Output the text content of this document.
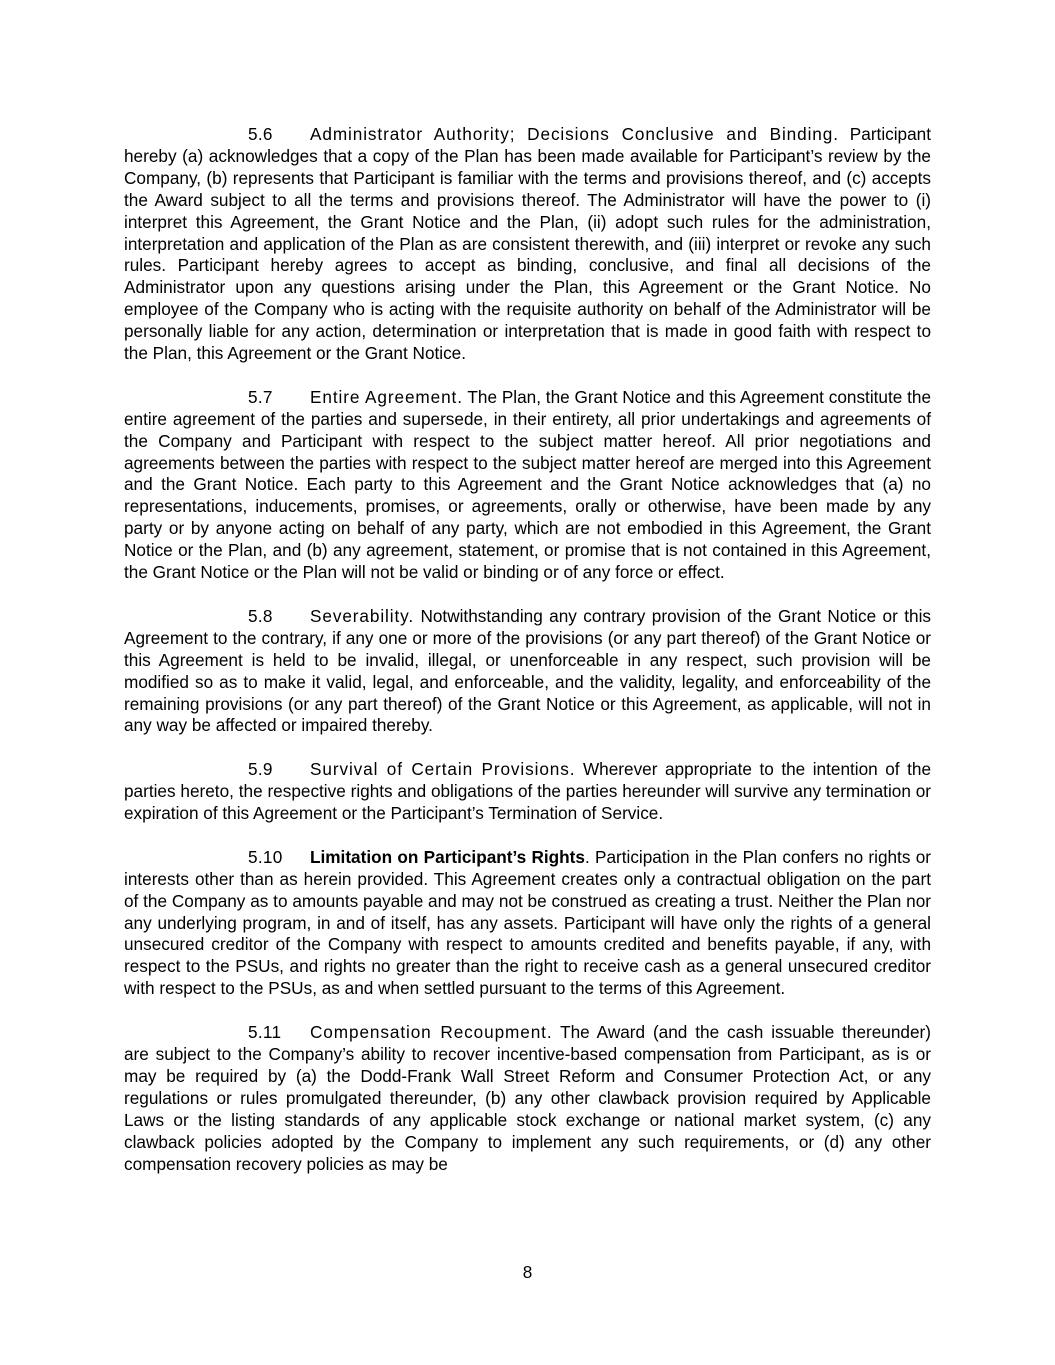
5.6 Administrator Authority; Decisions Conclusive and Binding. Participant hereby (a) acknowledges that a copy of the Plan has been made available for Participant’s review by the Company, (b) represents that Participant is familiar with the terms and provisions thereof, and (c) accepts the Award subject to all the terms and provisions thereof. The Administrator will have the power to (i) interpret this Agreement, the Grant Notice and the Plan, (ii) adopt such rules for the administration, interpretation and application of the Plan as are consistent therewith, and (iii) interpret or revoke any such rules. Participant hereby agrees to accept as binding, conclusive, and final all decisions of the Administrator upon any questions arising under the Plan, this Agreement or the Grant Notice. No employee of the Company who is acting with the requisite authority on behalf of the Administrator will be personally liable for any action, determination or interpretation that is made in good faith with respect to the Plan, this Agreement or the Grant Notice.

5.7 Entire Agreement. The Plan, the Grant Notice and this Agreement constitute the entire agreement of the parties and supersede, in their entirety, all prior undertakings and agreements of the Company and Participant with respect to the subject matter hereof. All prior negotiations and agreements between the parties with respect to the subject matter hereof are merged into this Agreement and the Grant Notice. Each party to this Agreement and the Grant Notice acknowledges that (a) no representations, inducements, promises, or agreements, orally or otherwise, have been made by any party or by anyone acting on behalf of any party, which are not embodied in this Agreement, the Grant Notice or the Plan, and (b) any agreement, statement, or promise that is not contained in this Agreement, the Grant Notice or the Plan will not be valid or binding or of any force or effect.

5.8 Severability. Notwithstanding any contrary provision of the Grant Notice or this Agreement to the contrary, if any one or more of the provisions (or any part thereof) of the Grant Notice or this Agreement is held to be invalid, illegal, or unenforceable in any respect, such provision will be modified so as to make it valid, legal, and enforceable, and the validity, legality, and enforceability of the remaining provisions (or any part thereof) of the Grant Notice or this Agreement, as applicable, will not in any way be affected or impaired thereby.

5.9 Survival of Certain Provisions. Wherever appropriate to the intention of the parties hereto, the respective rights and obligations of the parties hereunder will survive any termination or expiration of this Agreement or the Participant’s Termination of Service.

5.10 Limitation on Participant’s Rights. Participation in the Plan confers no rights or interests other than as herein provided. This Agreement creates only a contractual obligation on the part of the Company as to amounts payable and may not be construed as creating a trust. Neither the Plan nor any underlying program, in and of itself, has any assets. Participant will have only the rights of a general unsecured creditor of the Company with respect to amounts credited and benefits payable, if any, with respect to the PSUs, and rights no greater than the right to receive cash as a general unsecured creditor with respect to the PSUs, as and when settled pursuant to the terms of this Agreement.

5.11 Compensation Recoupment. The Award (and the cash issuable thereunder) are subject to the Company’s ability to recover incentive-based compensation from Participant, as is or may be required by (a) the Dodd-Frank Wall Street Reform and Consumer Protection Act, or any regulations or rules promulgated thereunder, (b) any other clawback provision required by Applicable Laws or the listing standards of any applicable stock exchange or national market system, (c) any clawback policies adopted by the Company to implement any such requirements, or (d) any other compensation recovery policies as may be

8
